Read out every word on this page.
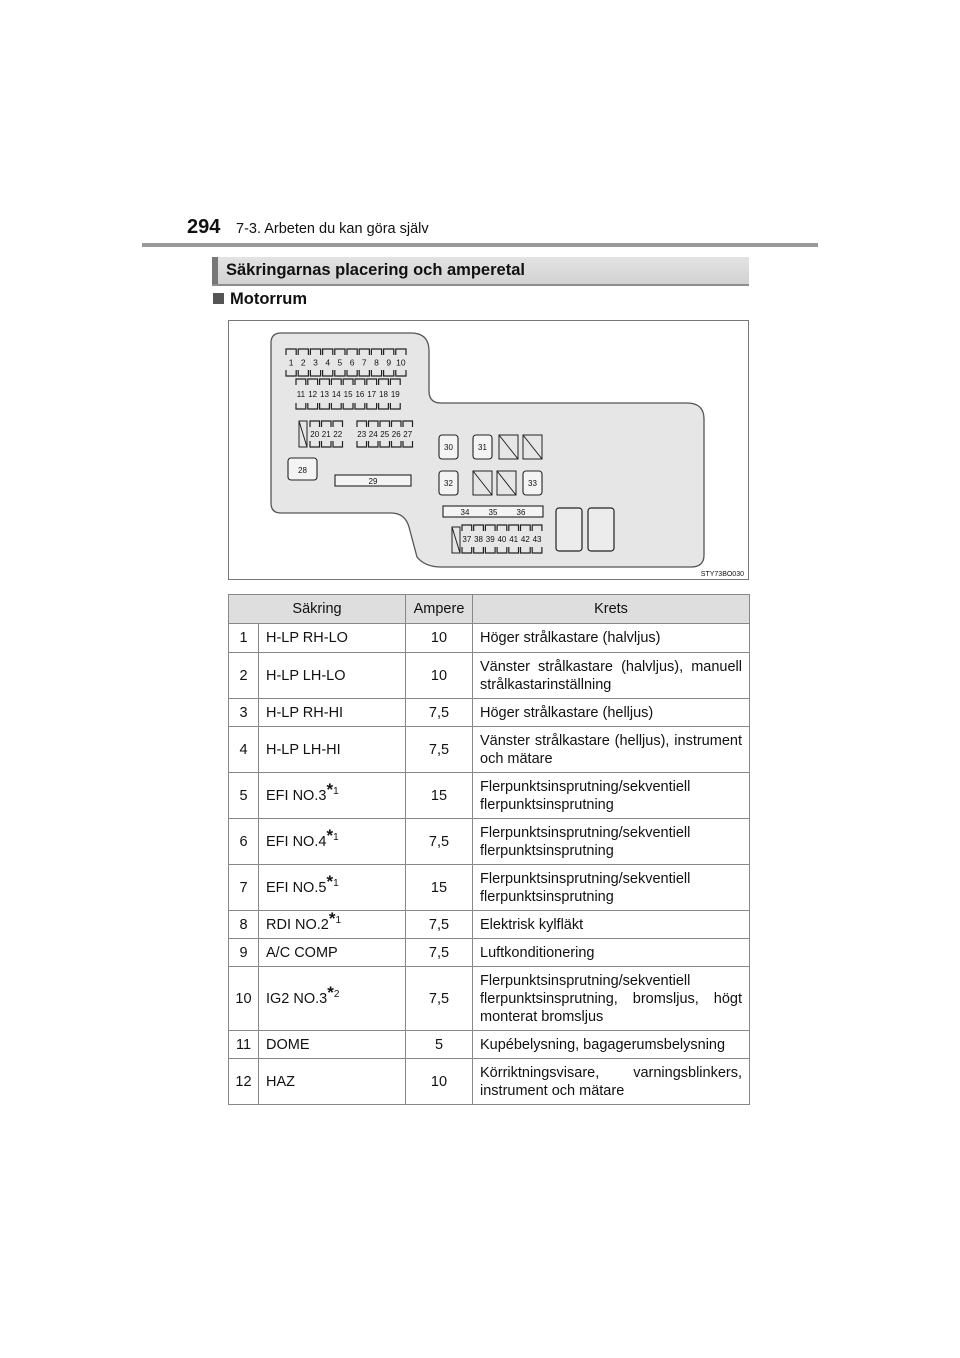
294 7-3. Arbeten du kan göra själv
Säkringarnas placering och amperetal
Motorrum
STY73BO030
1 2 3 4 5 6 7 8 9 10
11 12 13 14 15 16 17 18 19
20 21 22 23 24 25 26 27
28
29
30	31
32	33
34 35 36
37 38 39 40 41 42 43
Säkring		Ampere	Krets
1	H-LP RH-LO	10	Höger strålkastare (halvljus)
2	H-LP LH-LO	10	Vänster strålkastare (halvljus), manuell strålkastarinställning
3	H-LP RH-HI	7,5	Höger strålkastare (helljus)
4	H-LP LH-HI	7,5	Vänster strålkastare (helljus), instrument och mätare
5	EFI NO.3$^{*1}$	15	Flerpunktsinsprutning/sekventiell flerpunktsinsprutning
6	EFI NO.4$^{*1}$	7,5	Flerpunktsinsprutning/sekventiell flerpunktsinsprutning
7	EFI NO.5$^{*1}$	15	Flerpunktsinsprutning/sekventiell flerpunktsinsprutning
8	RDI NO.2$^{*1}$	7,5	Elektrisk kylfläkt
9	A/C COMP	7,5	Luftkonditionering
10	IG2 NO.3$^{*2}$	7,5	Flerpunktsinsprutning/sekventiell flerpunktsinsprutning, bromsljus, högt monterat bromsljus
11	DOME	5	Kupébelysning, bagagerumsbelysning
12	HAZ	10	Körriktningsvisare, varningsblinkers, instrument och mätare
